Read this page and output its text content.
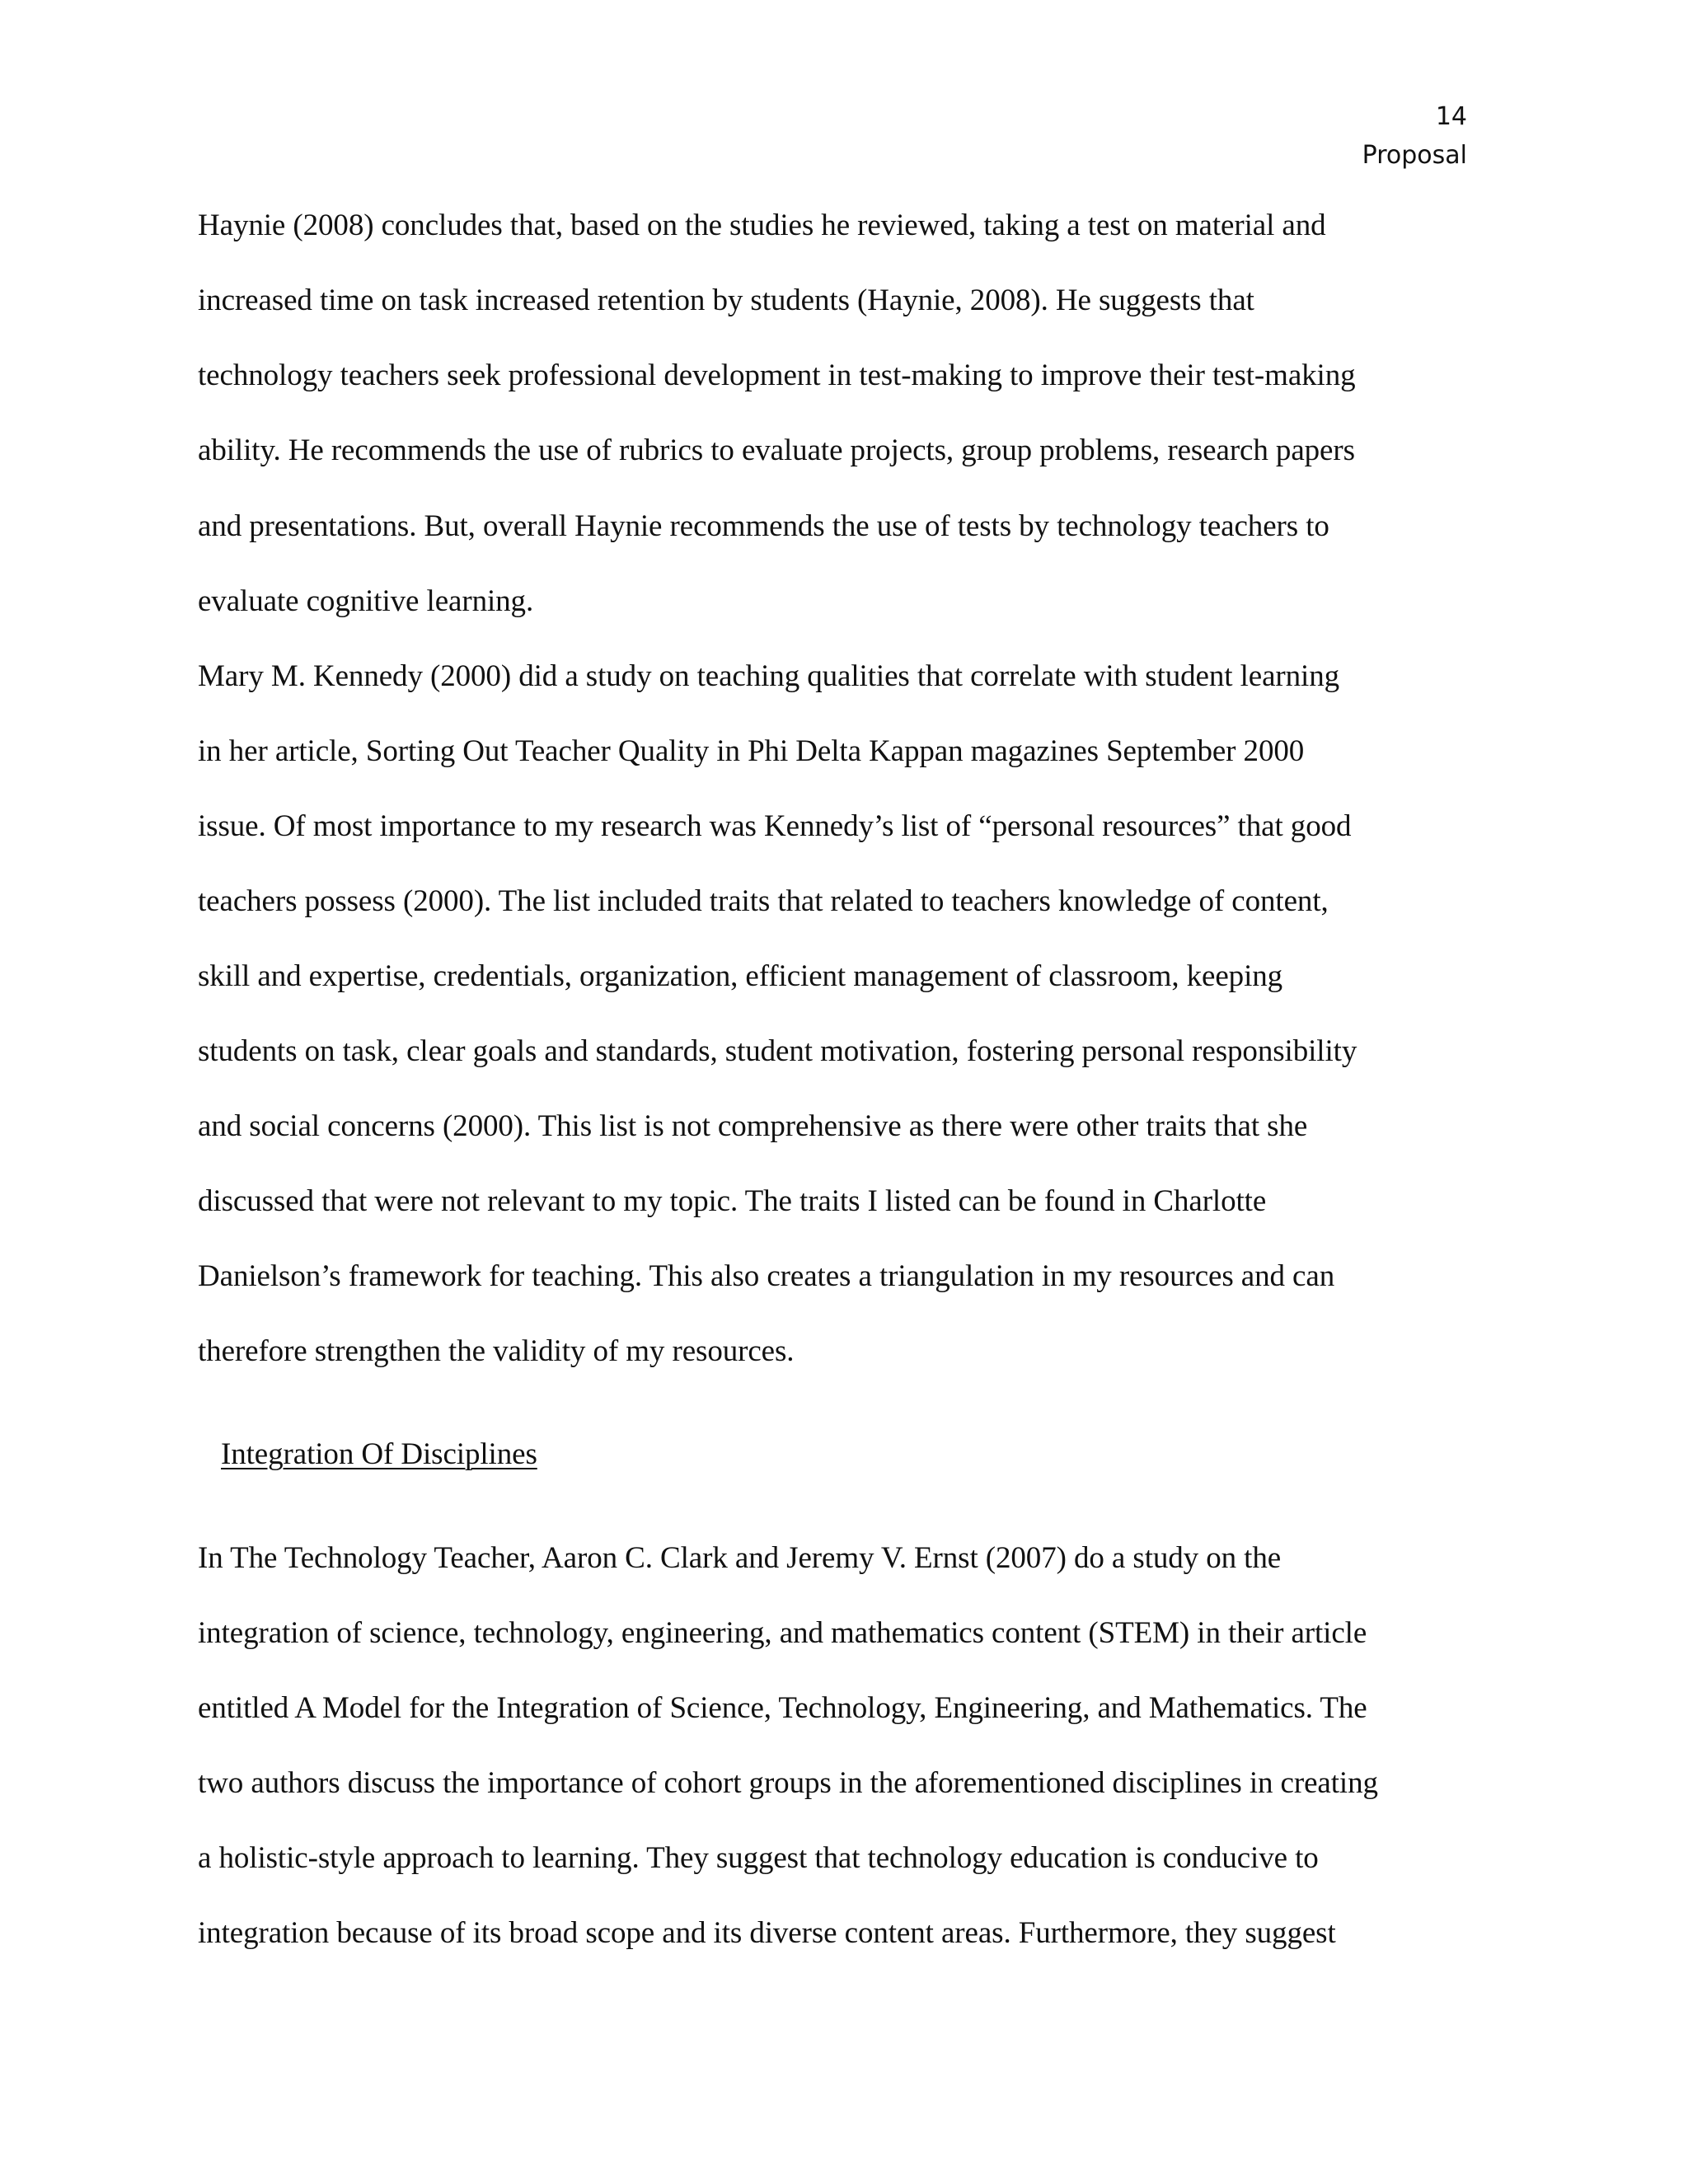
14
Proposal
Haynie (2008) concludes that, based on the studies he reviewed, taking a test on material and
increased time on task increased retention by students (Haynie, 2008). He suggests that
technology teachers seek professional development in test-making to improve their test-making
ability. He recommends the use of rubrics to evaluate projects, group problems, research papers
and presentations. But, overall Haynie recommends the use of tests by technology teachers to
evaluate cognitive learning.
Mary M. Kennedy (2000) did a study on teaching qualities that correlate with student learning
in her article, Sorting Out Teacher Quality in Phi Delta Kappan magazines September 2000
issue. Of most importance to my research was Kennedy’s list of “personal resources” that good
teachers possess (2000). The list included traits that related to teachers knowledge of content,
skill and expertise, credentials, organization, efficient management of classroom, keeping
students on task, clear goals and standards, student motivation, fostering personal responsibility
and social concerns (2000). This list is not comprehensive as there were other traits that she
discussed that were not relevant to my topic. The traits I listed can be found in Charlotte
Danielson’s framework for teaching. This also creates a triangulation in my resources and can
therefore strengthen the validity of my resources.
Integration Of Disciplines
In The Technology Teacher, Aaron C. Clark and Jeremy V. Ernst (2007) do a study on the
integration of science, technology, engineering, and mathematics content (STEM) in their article
entitled A Model for the Integration of Science, Technology, Engineering, and Mathematics. The
two authors discuss the importance of cohort groups in the aforementioned disciplines in creating
a holistic-style approach to learning. They suggest that technology education is conducive to
integration because of its broad scope and its diverse content areas. Furthermore, they suggest
